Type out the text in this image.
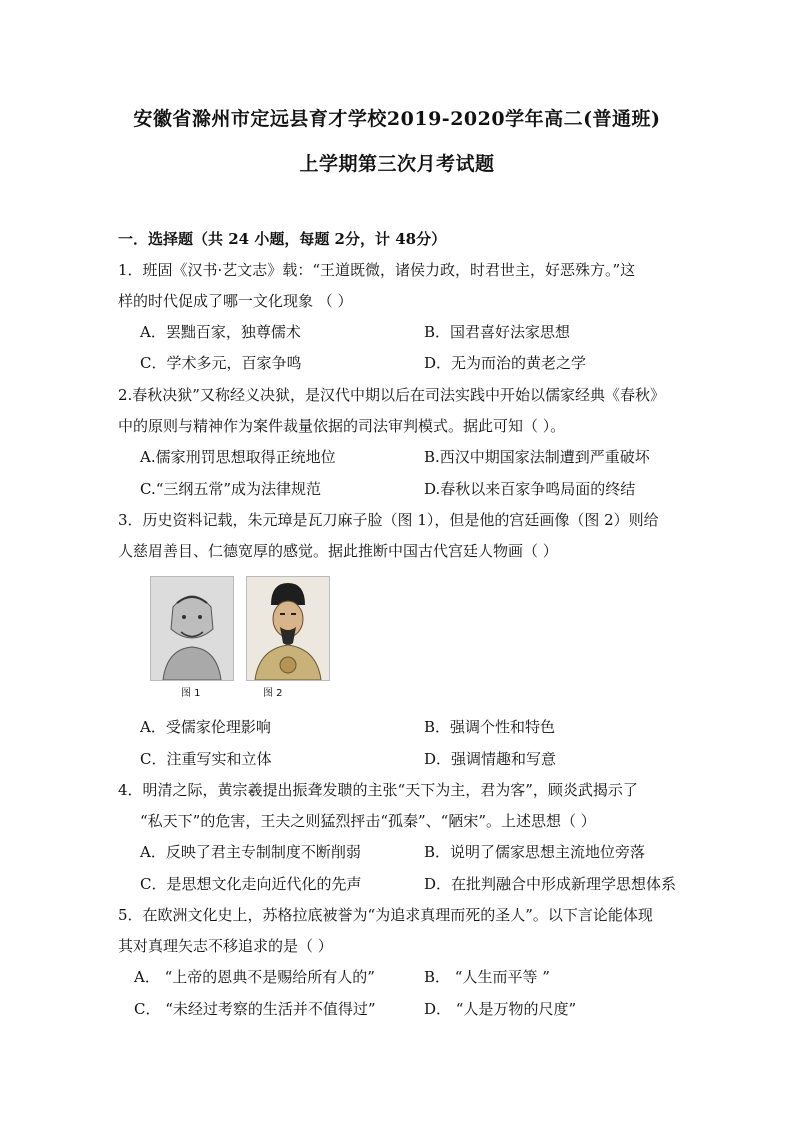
安徽省滁州市定远县育才学校2019-2020学年高二(普通班)
上学期第三次月考试题
一．选择题（共 24 小题，每题 2分，计 48分）
1．班固《汉书·艺文志》载：“王道既微，诸侯力政，时君世主，好恶殊方。”这
样的时代促成了哪一文化现象 （ ）
A．罢黜百家，独尊儒术	B．国君喜好法家思想
C．学术多元，百家争鸣	D．无为而治的黄老之学
2.春秋决狱”又称经义决狱，是汉代中期以后在司法实践中开始以儒家经典《春秋》
中的原则与精神作为案件裁量依据的司法审判模式。据此可知（ ）。
A.儒家刑罚思想取得正统地位	B.西汉中期国家法制遭到严重破坏
C.“三纲五常”成为法律规范	D.春秋以来百家争鸣局面的终结
3．历史资料记载，朱元璋是瓦刀麻子脸（图 1），但是他的宫廷画像（图 2）则给
人慈眉善目、仁德宽厚的感觉。据此推断中国古代宫廷人物画（ ）
图 1	图 2
A．受儒家伦理影响	B．强调个性和特色
C．注重写实和立体	D．强调情趣和写意
4．明清之际，黄宗羲提出振聋发聩的主张“天下为主，君为客”，顾炎武揭示了
“私天下”的危害，王夫之则猛烈抨击“孤秦”、“陋宋”。上述思想（ ）
A．反映了君主专制制度不断削弱	B．说明了儒家思想主流地位旁落
C．是思想文化走向近代化的先声	D．在批判融合中形成新理学思想体系
5．在欧洲文化史上，苏格拉底被誉为“为追求真理而死的圣人”。以下言论能体现
其对真理矢志不移追求的是（ ）
A． “上帝的恩典不是赐给所有人的”	B． “人生而平等 ”
C． “未经过考察的生活并不值得过”	D． “人是万物的尺度”
